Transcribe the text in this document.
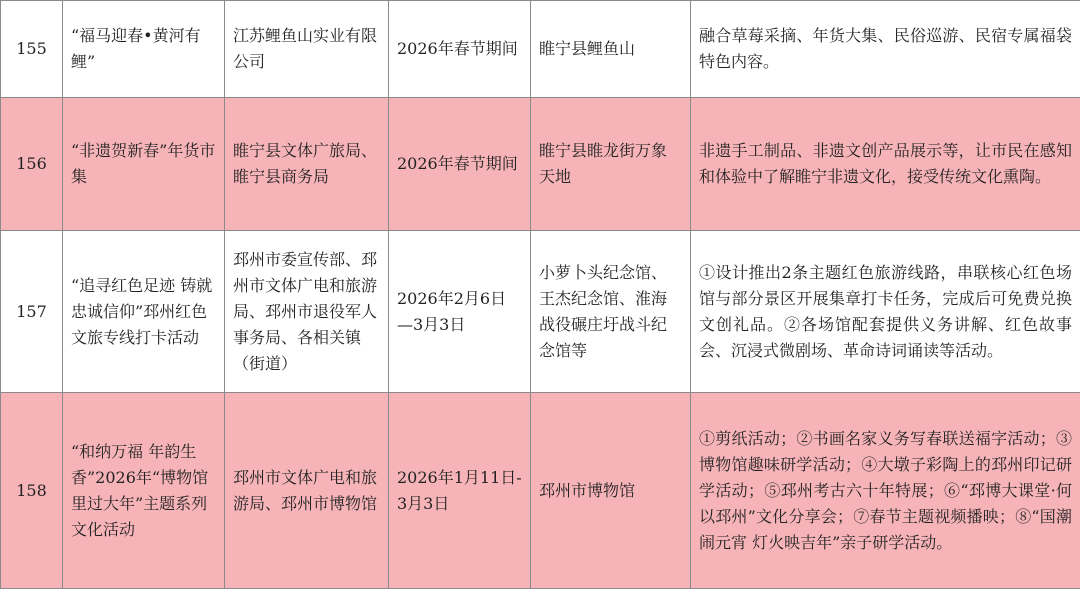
155	“福马迎春•黄河有鲤”	江苏鲤鱼山实业有限公司	2026年春节期间	睢宁县鲤鱼山	融合草莓采摘、年货大集、民俗巡游、民宿专属福袋特色内容。
156	“非遗贺新春”年货市集	睢宁县文体广旅局、睢宁县商务局	2026年春节期间	睢宁县睢龙街万象天地	非遗手工制品、非遗文创产品展示等，让市民在感知和体验中了解睢宁非遗文化，接受传统文化熏陶。
157	“追寻红色足迹 铸就忠诚信仰”邳州红色文旅专线打卡活动	邳州市委宣传部、邳州市文体广电和旅游局、邳州市退役军人事务局、各相关镇（街道）	2026年2月6日—3月3日	小萝卜头纪念馆、王杰纪念馆、淮海战役碾庄圩战斗纪念馆等	①设计推出2条主题红色旅游线路，串联核心红色场馆与部分景区开展集章打卡任务，完成后可免费兑换文创礼品。②各场馆配套提供义务讲解、红色故事会、沉浸式微剧场、革命诗词诵读等活动。
158	“和纳万福 年韵生香”2026年“博物馆里过大年”主题系列文化活动	邳州市文体广电和旅游局、邳州市博物馆	2026年1月11日-3月3日	邳州市博物馆	①剪纸活动；②书画名家义务写春联送福字活动；③博物馆趣味研学活动；④大墩子彩陶上的邳州印记研学活动；⑤邳州考古六十年特展；⑥“邳博大课堂·何以邳州”文化分享会；⑦春节主题视频播映；⑧“国潮闹元宵 灯火映吉年”亲子研学活动。
